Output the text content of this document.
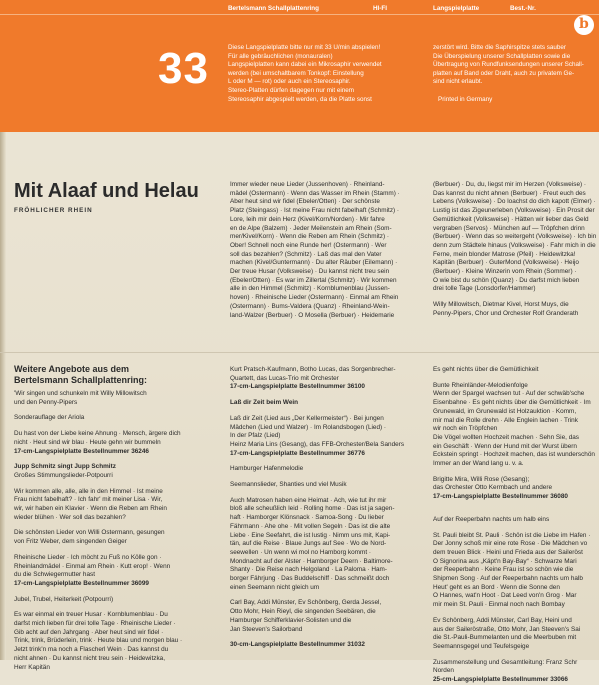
Bertelsmann Schallplattenring	HI-FI	Langspielplatte	Best.-Nr.
b
33	Diese Langspielplatte bitte nur mit 33 U/min abspielen!
Für alle gebräuchlichen (monauralen)
Langspielplatten kann dabei ein Mikrosaphir verwendet
werden (bei umschaltbarem Tonkopf: Einstellung
L oder M — rot) oder auch ein Stereosaphir.
Stereo-Platten dürfen dagegen nur mit einem
Stereosaphir abgespielt werden, da die Platte sonst
zerstört wird. Bitte die Saphirspitze stets sauber
Die Überspielung unserer Schallplatten sowie die
Übertragung von Rundfunksendungen unserer Schall-
platten auf Band oder Draht, auch zu privatem Ge-
sind nicht erlaubt.
Printed in Germany
Mit Alaaf und Helau
FRÖHLICHER RHEIN

Immer wieder neue Lieder (Jussenhoven) · Rheinland-

mädel (Ostermann) · Wenn das Wasser im Rhein (Stamm) ·

Aber heut sind wir fidel (Ebeler/Otten) · Der schönste

Platz (Steingass) · Ist meine Frau nicht fabelhaft (Schmitz) ·

Lore, leih mir dein Herz (Kivel/Korn/Norden) · Mir fahre

en de Alpe (Balzem) · Jeder Meilenstein am Rhein (Som-

mer/Kivel/Korn) · Wenn die Reben am Rhein (Schmitz) ·

Ober! Schnell noch eine Runde her! (Ostermann) · Wer

soll das bezahlen? (Schmitz) · Laß das mal den Vater

machen (Kivel/Guntermann) · Du alter Räuber (Eilemann) ·

Der treue Husar (Volksweise) · Du kannst nicht treu sein

(Ebeler/Otten) · Es war im Zillertal (Schmitz) · Wir kommen

alle in den Himmel (Schmitz) · Kornblumenblau (Jussen-

hoven) · Rheinische Lieder (Ostermann) · Einmal am Rhein

(Ostermann) · Bums-Valdera (Quanz) · Rheinland-Wein-

land-Walzer (Berbuer) · O Mosella (Berbuer) · Heidemarie

(Berbuer) · Du, du, liegst mir im Herzen (Volksweise) ·

Das kannst du nicht ahnen (Berbuer) · Freut euch des

Lebens (Volksweise) · Do loachst do dich kapott (Elmer) ·

Lustig ist das Zigeunerleben (Volksweise) · Ein Prosit der

Gemütlichkeit (Volksweise) · Hätten wir lieber das Geld

vergraben (Servos) · München auf — Tröpfchen drinn

(Berbuer) · Wenn das so weitergeht (Volksweise) · Ich bin

denn zum Städtele hinaus (Volksweise) · Fahr mich in die

Ferne, mein blonder Matrose (Pfeil) · Heidewitzka!

Kapitän (Berbuer) · GuterMond (Volksweise) · Heijo

(Berbuer) · Kleine Winzerin vom Rhein (Sommer) ·

O wie bist du schön (Quanz) · Du darfst mich lieben

drei tolle Tage (Lonsdorfer/Hammer)

Willy Millowitsch, Dietmar Kivel, Horst Muys, die

Penny-Pipers, Chor und Orchester Rolf Granderath

Weitere Angebote aus dem

Bertelsmann Schallplattenring:

'Wir singen und schunkeln mit Willy Millowitsch

und den Penny-Pipers

Sonderauflage der Ariola

Du hast von der Liebe keine Ahnung · Mensch, ärgere dich

nicht · Heut sind wir blau · Heute gehn wir bummeln

17-cm-Langspielplatte Bestellnummer 36246

Jupp Schmitz singt Jupp Schmitz

Großes Stimmungslieder-Potpourri

Wir kommen alle, alle, alle in den Himmel · Ist meine

Frau nicht fabelhaft? · Ich fahr' mit meiner Lisa · Wir,

wir, wir haben ein Klavier · Wenn die Reben am Rhein

wieder blühen · Wer soll das bezahlen?

Die schönsten Lieder von Willi Ostermann, gesungen

von Fritz Weber, dem singenden Geiger

Rheinische Lieder · Ich möcht zu Fuß no Kölle gon ·

Rheinlandmädel · Einmal am Rhein · Kutt erop! · Wenn

du die Schwiegermutter hast

17-cm-Langspielplatte Bestellnummer 36099

Jubel, Trubel, Heiterkeit (Potpourri)

Es war einmal ein treuer Husar · Kornblumenblau · Du

darfst mich lieben für drei tolle Tage · Rheinische Lieder ·

Gib acht auf den Jahrgang · Aber heut sind wir fidel ·

Trink, trink, Brüderlein, trink · Heute blau und morgen blau ·

Jetzt trink'n ma noch a Flascherl Wein · Das kannst du

nicht ahnen · Du kannst nicht treu sein · Heidewitzka,

Herr Kapitän

Kurt Pratsch-Kaufmann, Botho Lucas, das Sorgenbrecher-

Quartett, das Lucas-Trio mit Orchester

17-cm-Langspielplatte Bestellnummer 36100

Laß dir Zeit beim Wein

Laß dir Zeit (Lied aus „Der Kellermeister“) · Bei jungen

Mädchen (Lied und Walzer) · Im Rolandsbogen (Lied) ·

In der Pfalz (Lied)

Heinz Maria Lins (Gesang), das FFB-Orchester/Bela Sanders

17-cm-Langspielplatte Bestellnummer 36776

Hamburger Hafenmelodie

Seemannslieder, Shanties und viel Musik

Auch Matrosen haben eine Heimat · Ach, wie tut ihr mir

bloß alle scheußlich leid · Rolling home · Das ist ja sagen-

haft · Hamborger Klönsnack · Samoa-Song · Du lieber

Fährmann · Ahe ohe · Mit vollen Segeln · Das ist die alte

Liebe · Eine Seefahrt, die ist lustig · Nimm uns mit, Kapi-

tän, auf die Reise · Blaue Jungs auf See · Wo de Nord-

seewellen · Un wenn wi mol no Hamborg kommt ·

Mondnacht auf der Alster · Hamborger Deern · Baltimore-

Shanty · Die Reise nach Helgoland · La Paloma · Ham-

borger Fährjung · Das Buddelschiff · Das schmeißt doch

einen Seemann nicht gleich um

Carl Bay, Addi Münster, Ev Schönberg, Gerda Jessel,

Otto Mohr, Hein Rieyl, die singenden Seebären, die

Hamburger Schifferklavier-Solisten und die

Jan Steeven's Sailorband

30-cm-Langspielplatte Bestellnummer 31032

Es geht nichts über die Gemütlichkeit

Bunte Rheinländer-Melodienfolge

Wenn der Spargel wachsen tut · Auf der schwäb'sche

Eisenbahne · Es geht nichts über die Gemütlichkeit · Im

Grunewald, im Grunewald ist Holzauktion · Komm,

mir mal die Rolle drehn · Alle Englein lachen · Trink

wir noch ein Tröpfchen

Die Vögel wollten Hochzeit machen · Sehn Sie, das

ein Geschäft · Wenn der Hund mit der Wurst übern

Eckstein springt · Hochzeit machen, das ist wunderschön

Immer an der Wand lang u. v. a.

Brigitte Mira, Willi Rose (Gesang);

das Orchester Otto Kermbach und andere

17-cm-Langspielplatte Bestellnummer 36080

Auf der Reeperbahn nachts um halb eins

St. Pauli bleibt St. Pauli · Schön ist die Liebe im Hafen ·

Der Jonny schoß mir eine rote Rose · Die Mädchen vo

dem treuen Blick · Heini und Frieda aus der Saileröst

O Signorina aus „Käpt'n Bay-Bay“ · Schwarze Mari

der Reeperbahn · Keine Frau ist so schön wie die

Shipmen Song · Auf der Reeperbahn nachts um halb

Heut' geht es an Bord · Wenn die Sonne den

O Hannes, wat'n Hoot · Dat Leed von'n Grog · Mar

mir mein St. Pauli · Einmal noch nach Bombay

Ev Schönberg, Addi Münster, Carl Bay, Heini und

aus der Saileröstraße, Otto Mohr, Jan Steeven's Sai

die St.-Pauli-Bummelanten und die Meerbuben mit

Seemannsgegel und Teufelsgeige

Zusammenstellung und Gesamtleitung: Franz Schr

Norden

25-cm-Langspielplatte Bestellnummer 33066
